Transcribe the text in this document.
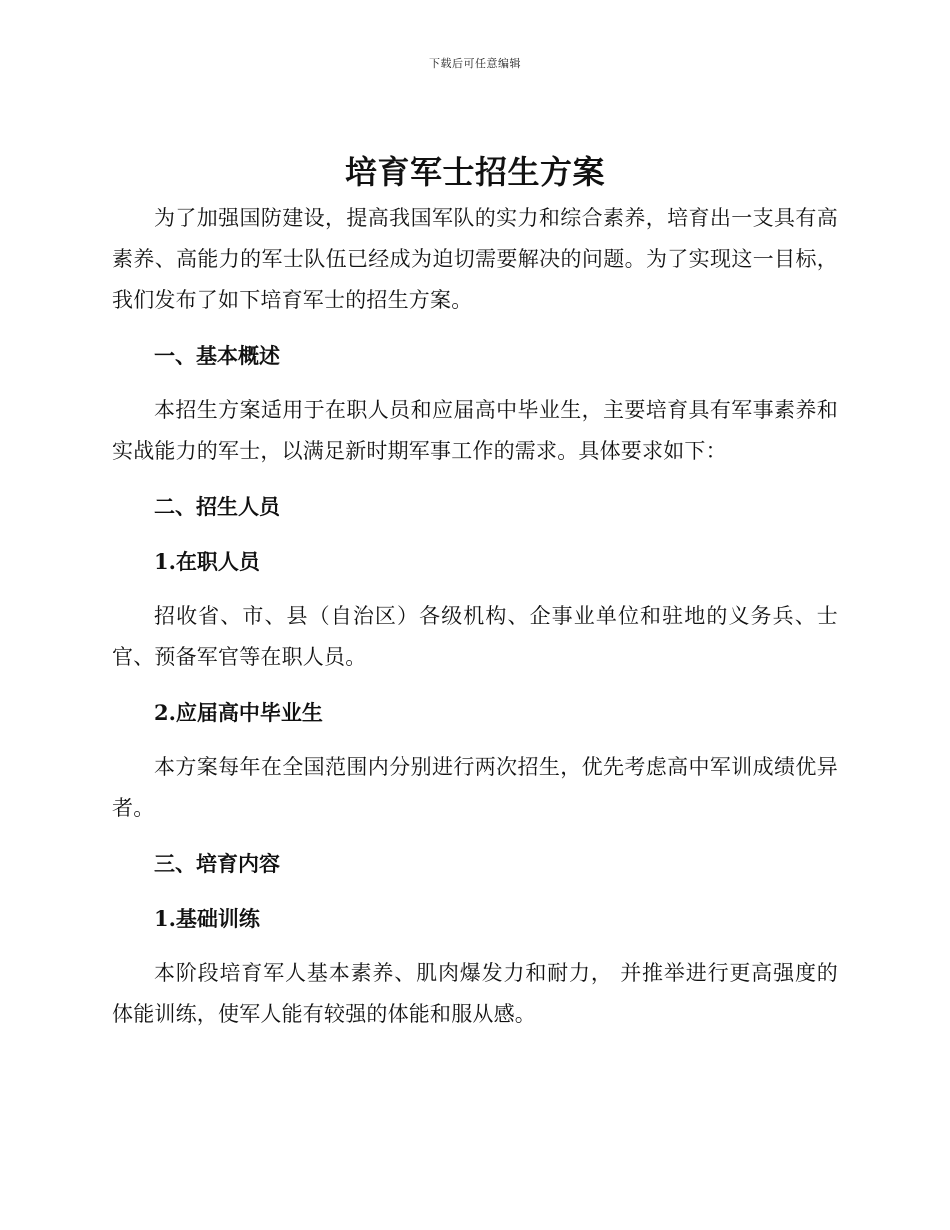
下载后可任意编辑
培育军士招生方案

为了加强国防建设，提高我国军队的实力和综合素养，培育出一支具有高素养、高能力的军士队伍已经成为迫切需要解决的问题。为了实现这一目标，我们发布了如下培育军士的招生方案。

一、基本概述

本招生方案适用于在职人员和应届高中毕业生，主要培育具有军事素养和实战能力的军士，以满足新时期军事工作的需求。具体要求如下：

二、招生人员

1.在职人员

招收省、市、县（自治区）各级机构、企事业单位和驻地的义务兵、士官、预备军官等在职人员。

2.应届高中毕业生

本方案每年在全国范围内分别进行两次招生，优先考虑高中军训成绩优异者。

三、培育内容

1.基础训练

本阶段培育军人基本素养、肌肉爆发力和耐力， 并推举进行更高强度的体能训练，使军人能有较强的体能和服从感。
